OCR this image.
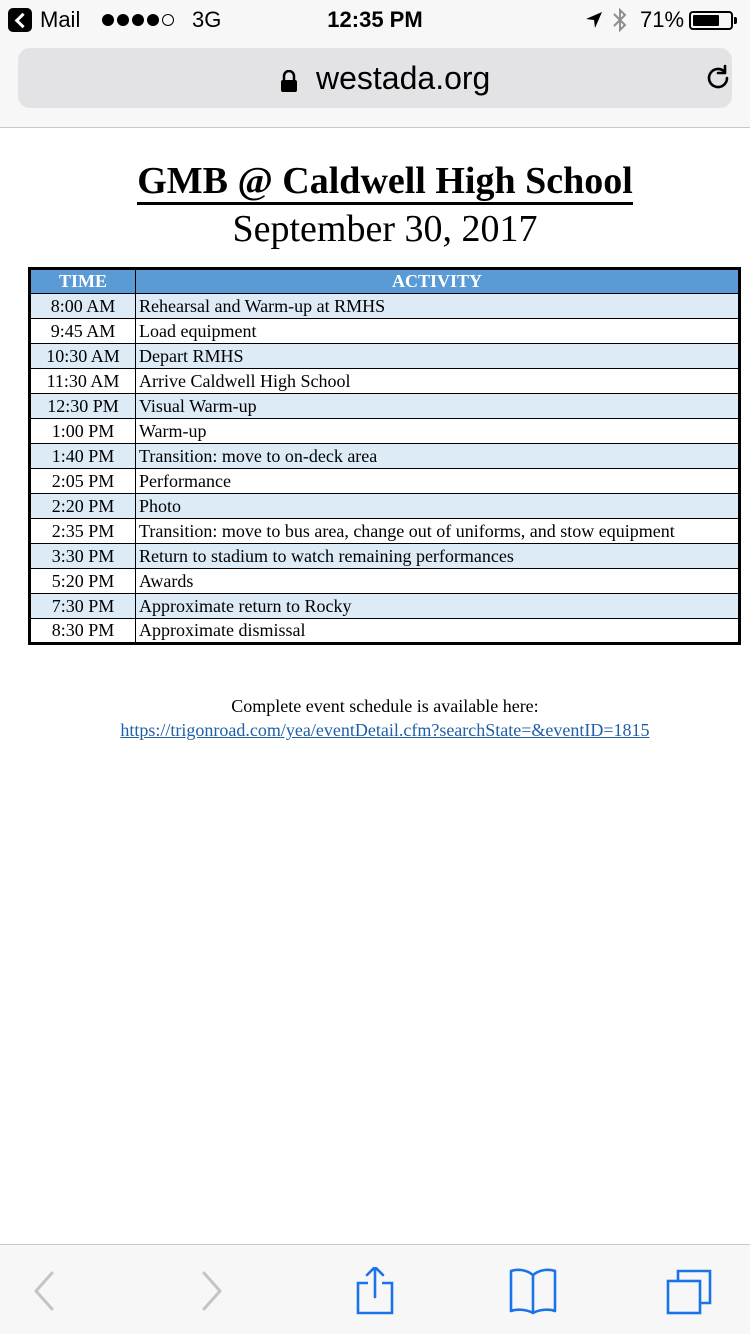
Mail	3G	12:35 PM	71%
westada.org
GMB @ Caldwell High School
September 30, 2017
TIME	ACTIVITY
8:00 AM	Rehearsal and Warm-up at RMHS
9:45 AM	Load equipment
10:30 AM	Depart RMHS
11:30 AM	Arrive Caldwell High School
12:30 PM	Visual Warm-up
1:00 PM	Warm-up
1:40 PM	Transition: move to on-deck area
2:05 PM	Performance
2:20 PM	Photo
2:35 PM	Transition: move to bus area, change out of uniforms, and stow equipment
3:30 PM	Return to stadium to watch remaining performances
5:20 PM	Awards
7:30 PM	Approximate return to Rocky
8:30 PM	Approximate dismissal
Complete event schedule is available here:
https://trigonroad.com/yea/eventDetail.cfm?searchState=&eventID=1815
